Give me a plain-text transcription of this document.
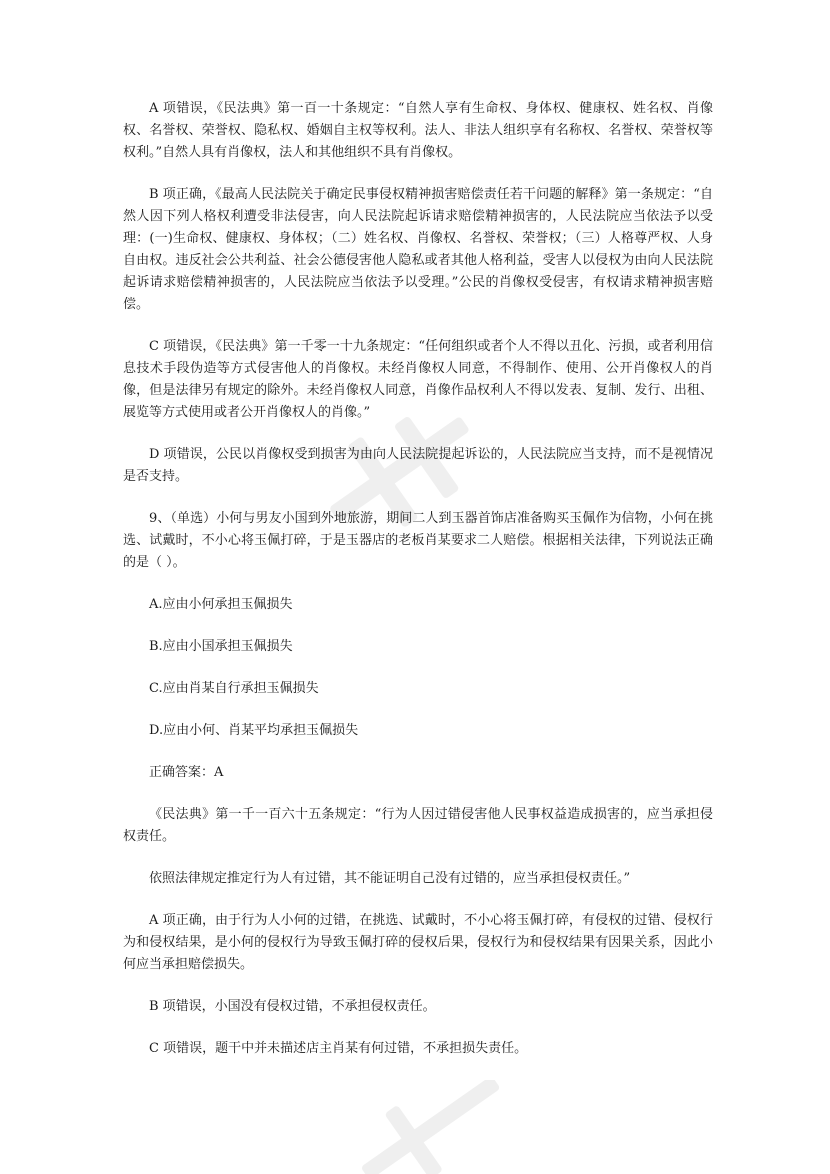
A 项错误，《民法典》第一百一十条规定：“自然人享有生命权、身体权、健康权、姓名权、肖像权、名誉权、荣誉权、隐私权、婚姻自主权等权利。法人、非法人组织享有名称权、名誉权、荣誉权等权利。”自然人具有肖像权，法人和其他组织不具有肖像权。

B 项正确，《最高人民法院关于确定民事侵权精神损害赔偿责任若干问题的解释》第一条规定：“自然人因下列人格权利遭受非法侵害，向人民法院起诉请求赔偿精神损害的，人民法院应当依法予以受理：(一)生命权、健康权、身体权；（二）姓名权、肖像权、名誉权、荣誉权；（三）人格尊严权、人身自由权。违反社会公共利益、社会公德侵害他人隐私或者其他人格利益，受害人以侵权为由向人民法院起诉请求赔偿精神损害的，人民法院应当依法予以受理。”公民的肖像权受侵害，有权请求精神损害赔偿。

C 项错误，《民法典》第一千零一十九条规定：“任何组织或者个人不得以丑化、污损，或者利用信息技术手段伪造等方式侵害他人的肖像权。未经肖像权人同意，不得制作、使用、公开肖像权人的肖像，但是法律另有规定的除外。未经肖像权人同意，肖像作品权利人不得以发表、复制、发行、出租、展览等方式使用或者公开肖像权人的肖像。”

D 项错误，公民以肖像权受到损害为由向人民法院提起诉讼的，人民法院应当支持，而不是视情况是否支持。

9、（单选）小何与男友小国到外地旅游，期间二人到玉器首饰店准备购买玉佩作为信物，小何在挑选、试戴时，不小心将玉佩打碎，于是玉器店的老板肖某要求二人赔偿。根据相关法律，下列说法正确的是（ ）。

A.应由小何承担玉佩损失

B.应由小国承担玉佩损失

C.应由肖某自行承担玉佩损失

D.应由小何、肖某平均承担玉佩损失

正确答案：A

《民法典》第一千一百六十五条规定：“行为人因过错侵害他人民事权益造成损害的，应当承担侵权责任。

依照法律规定推定行为人有过错，其不能证明自己没有过错的，应当承担侵权责任。”

A 项正确，由于行为人小何的过错，在挑选、试戴时，不小心将玉佩打碎，有侵权的过错、侵权行为和侵权结果，是小何的侵权行为导致玉佩打碎的侵权后果，侵权行为和侵权结果有因果关系，因此小何应当承担赔偿损失。

B 项错误，小国没有侵权过错，不承担侵权责任。

C 项错误，题干中并未描述店主肖某有何过错，不承担损失责任。
